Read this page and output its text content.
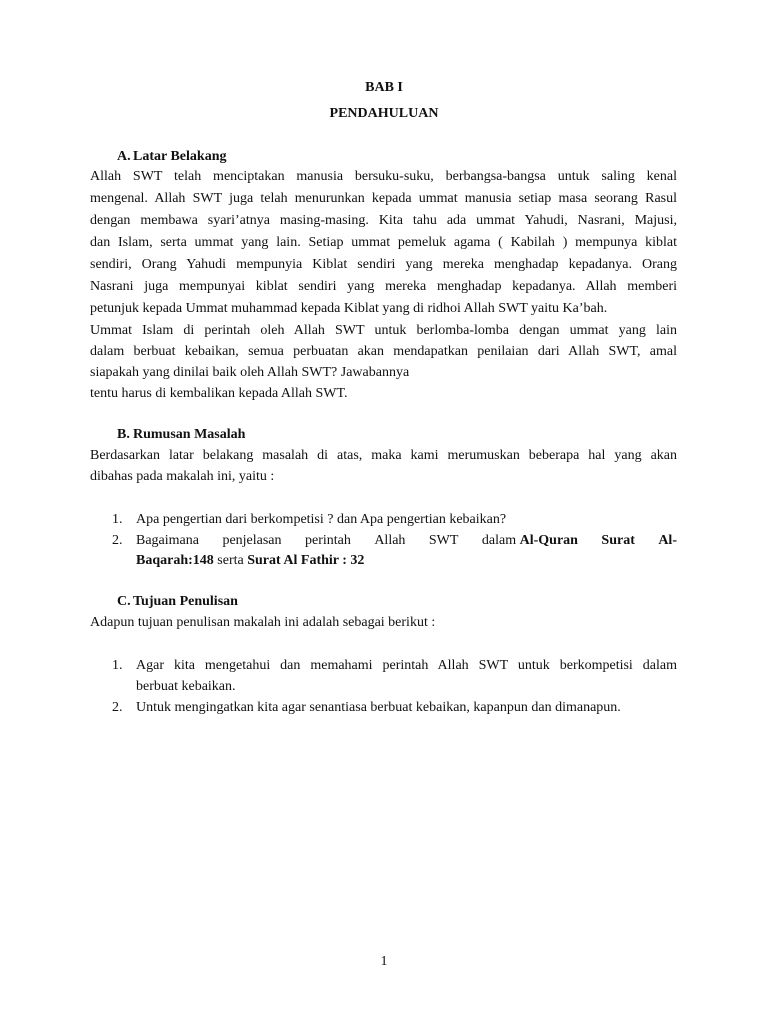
BAB I
PENDAHULUAN
A. Latar Belakang
Allah SWT telah menciptakan manusia bersuku-suku, berbangsa-bangsa untuk saling kenal
mengenal. Allah SWT juga telah menurunkan kepada ummat manusia setiap masa seorang Rasul
dengan membawa syari’atnya masing-masing. Kita tahu ada ummat Yahudi, Nasrani, Majusi,
dan Islam, serta ummat yang lain. Setiap ummat pemeluk agama ( Kabilah ) mempunya kiblat
sendiri, Orang Yahudi mempunyia Kiblat sendiri yang mereka menghadap kepadanya. Orang
Nasrani juga mempunyai kiblat sendiri yang mereka menghadap kepadanya. Allah memberi
petunjuk kepada Ummat muhammad kepada Kiblat yang di ridhoi Allah SWT yaitu Ka’bah.
Ummat Islam di perintah oleh Allah SWT untuk berlomba-lomba dengan ummat yang lain
dalam berbuat kebaikan, semua perbuatan akan mendapatkan penilaian dari Allah SWT, amal
siapakah yang dinilai baik oleh Allah SWT? Jawabannya
tentu harus di kembalikan kepada Allah SWT.
B. Rumusan Masalah
Berdasarkan latar belakang masalah di atas, maka kami merumuskan beberapa hal yang akan
dibahas pada makalah ini, yaitu :
1. Apa pengertian dari berkompetisi ? dan Apa pengertian kebaikan?
2. Bagaimana penjelasan perintah Allah SWT dalam Al-Quran Surat Al-
Baqarah:148 serta Surat Al Fathir : 32
C. Tujuan Penulisan
Adapun tujuan penulisan makalah ini adalah sebagai berikut :
1. Agar kita mengetahui dan memahami perintah Allah SWT untuk berkompetisi dalam
berbuat kebaikan.
2. Untuk mengingatkan kita agar senantiasa berbuat kebaikan, kapanpun dan dimanapun.
1
